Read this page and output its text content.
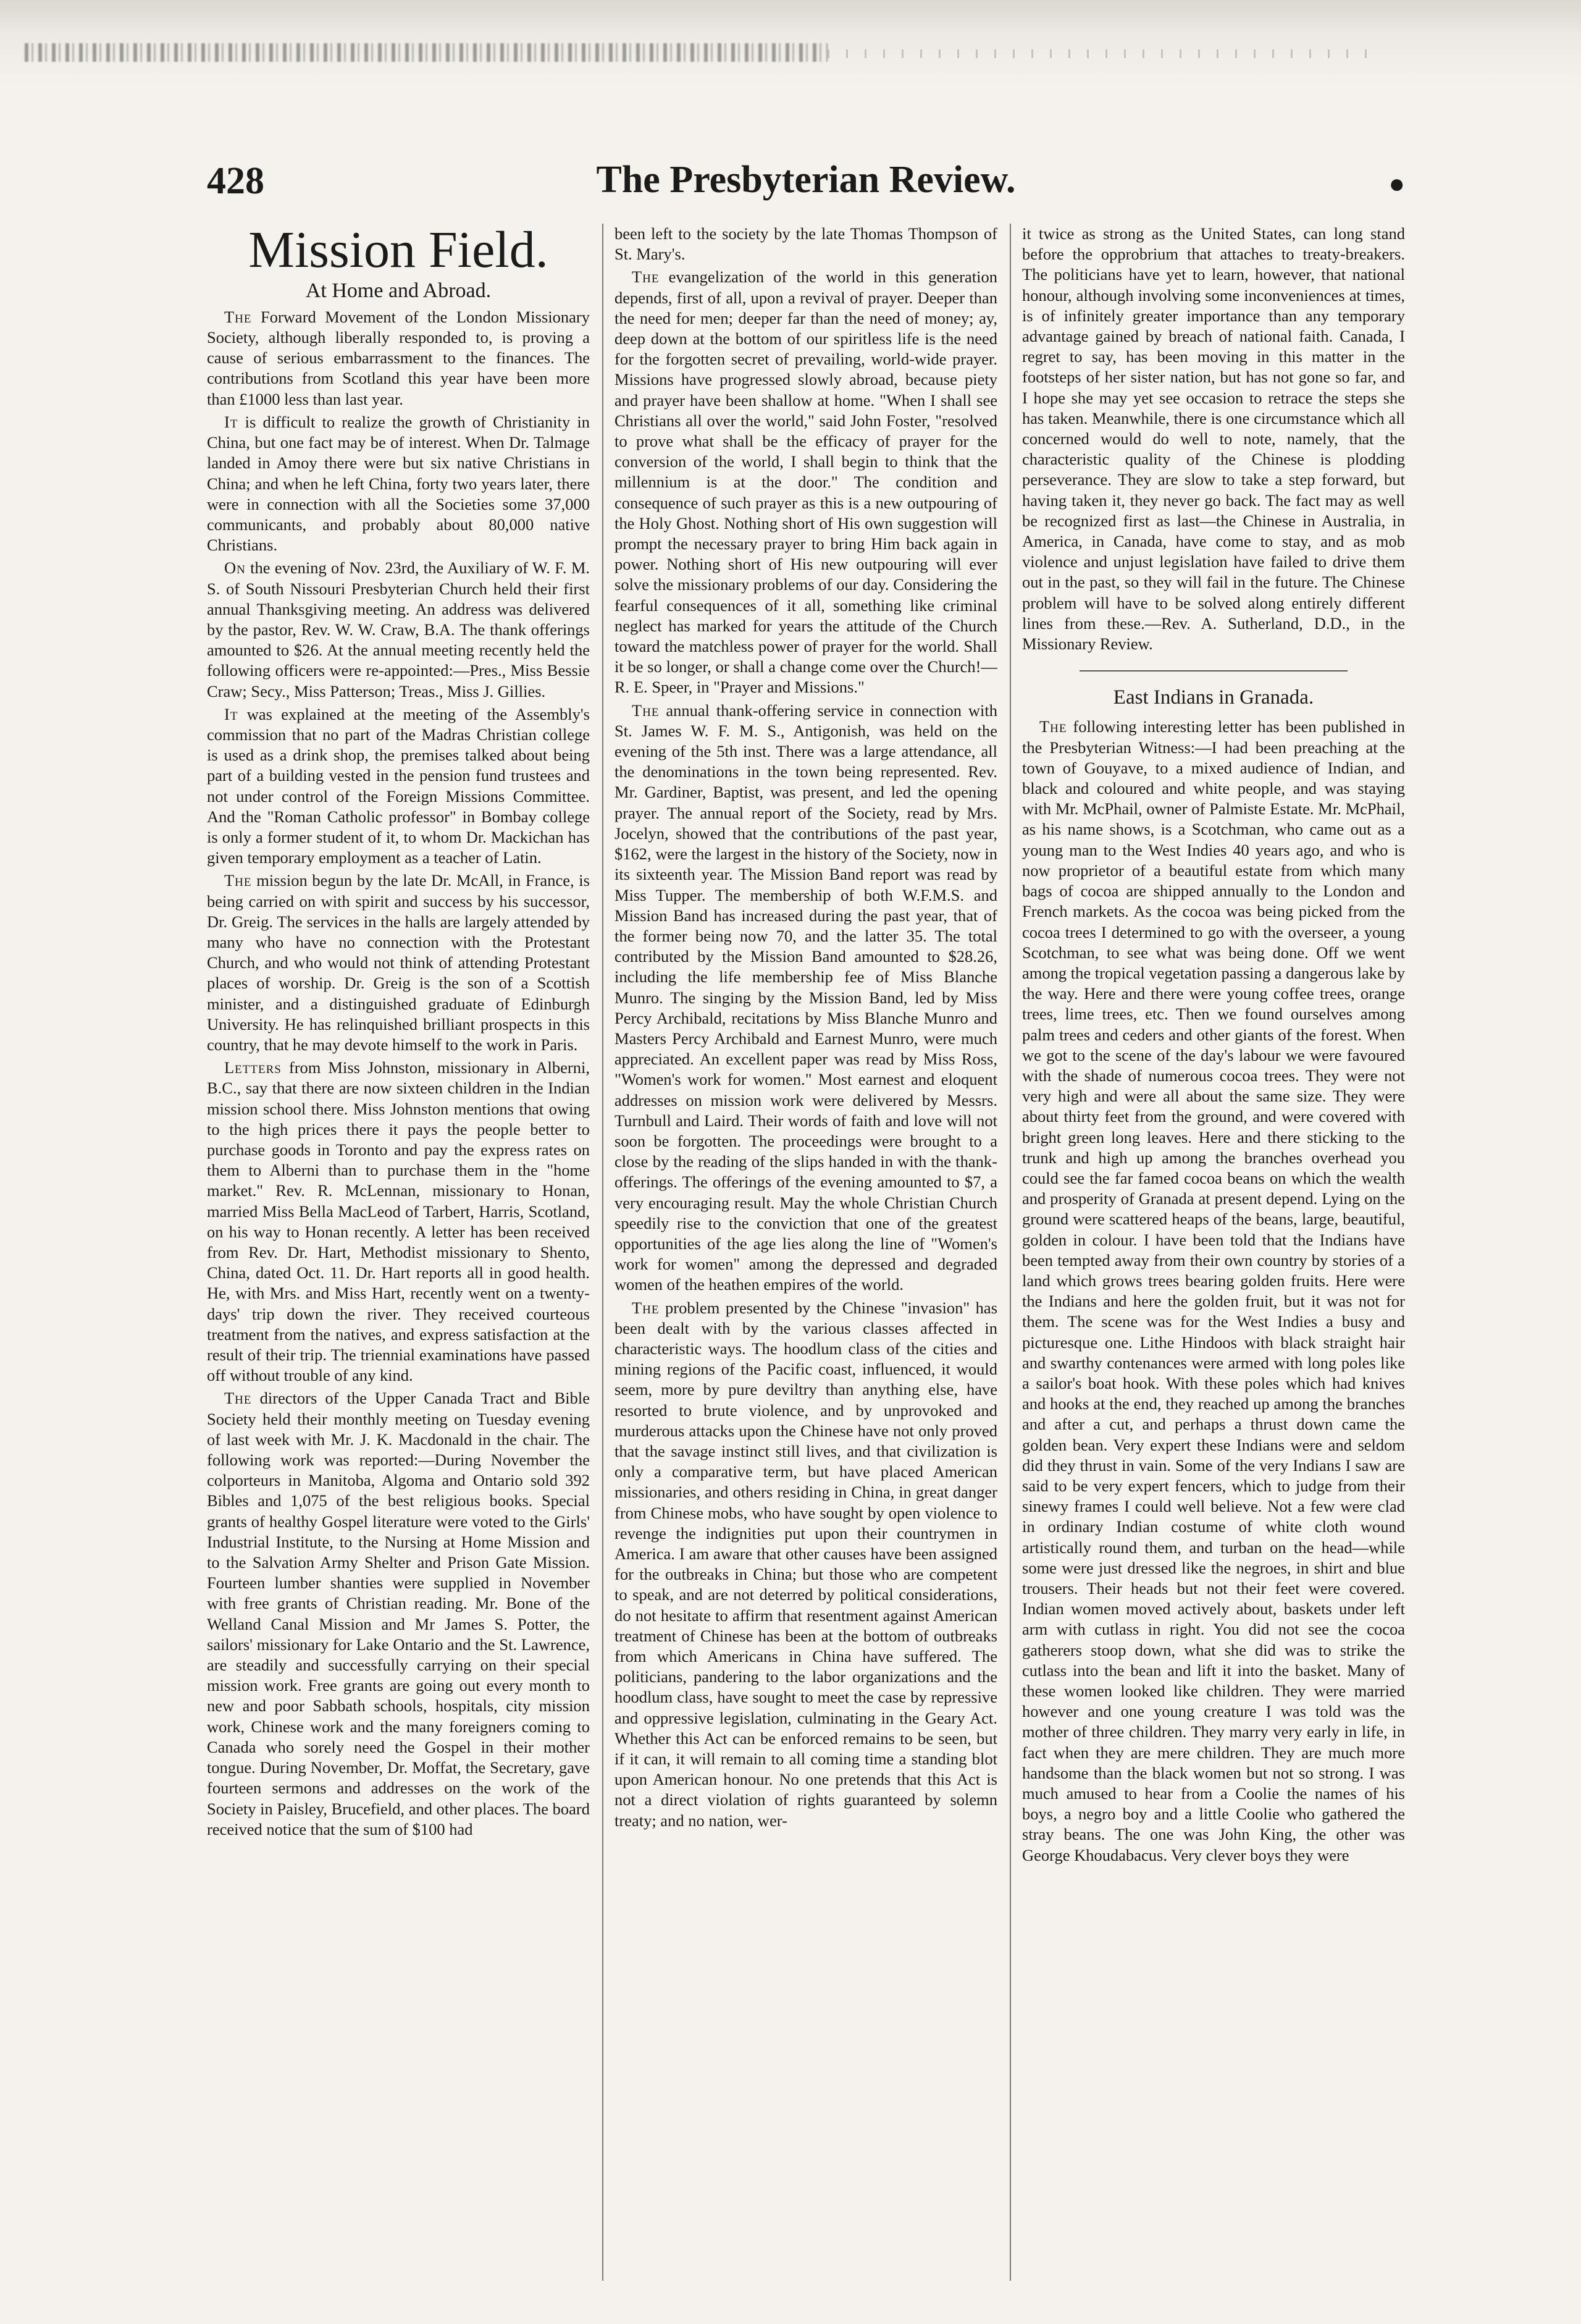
428	The Presbyterian Review.	●
Mission Field.
At Home and Abroad.

The Forward Movement of the London Missionary Society, although liberally responded to, is proving a cause of serious embarrassment to the finances. The contributions from Scotland this year have been more than £1000 less than last year.

It is difficult to realize the growth of Christianity in China, but one fact may be of interest. When Dr. Talmage landed in Amoy there were but six native Christians in China; and when he left China, forty two years later, there were in connection with all the Societies some 37,000 communicants, and probably about 80,000 native Christians.

On the evening of Nov. 23rd, the Auxiliary of W. F. M. S. of South Nissouri Presbyterian Church held their first annual Thanksgiving meeting. An address was delivered by the pastor, Rev. W. W. Craw, B.A. The thank offerings amounted to $26. At the annual meeting recently held the following officers were re-appointed:—Pres., Miss Bessie Craw; Secy., Miss Patterson; Treas., Miss J. Gillies.

It was explained at the meeting of the Assembly's commission that no part of the Madras Christian college is used as a drink shop, the premises talked about being part of a building vested in the pension fund trustees and not under control of the Foreign Missions Committee. And the "Roman Catholic professor" in Bombay college is only a former student of it, to whom Dr. Mackichan has given temporary employment as a teacher of Latin.

The mission begun by the late Dr. McAll, in France, is being carried on with spirit and success by his successor, Dr. Greig. The services in the halls are largely attended by many who have no connection with the Protestant Church, and who would not think of attending Protestant places of worship. Dr. Greig is the son of a Scottish minister, and a distinguished graduate of Edinburgh University. He has relinquished brilliant prospects in this country, that he may devote himself to the work in Paris.

Letters from Miss Johnston, missionary in Alberni, B.C., say that there are now sixteen children in the Indian mission school there. Miss Johnston mentions that owing to the high prices there it pays the people better to purchase goods in Toronto and pay the express rates on them to Alberni than to purchase them in the "home market." Rev. R. McLennan, missionary to Honan, married Miss Bella MacLeod of Tarbert, Harris, Scotland, on his way to Honan recently. A letter has been received from Rev. Dr. Hart, Methodist missionary to Shento, China, dated Oct. 11. Dr. Hart reports all in good health. He, with Mrs. and Miss Hart, recently went on a twenty-days' trip down the river. They received courteous treatment from the natives, and express satisfaction at the result of their trip. The triennial examinations have passed off without trouble of any kind.

The directors of the Upper Canada Tract and Bible Society held their monthly meeting on Tuesday evening of last week with Mr. J. K. Macdonald in the chair. The following work was reported:—During November the colporteurs in Manitoba, Algoma and Ontario sold 392 Bibles and 1,075 of the best religious books. Special grants of healthy Gospel literature were voted to the Girls' Industrial Institute, to the Nursing at Home Mission and to the Salvation Army Shelter and Prison Gate Mission. Fourteen lumber shanties were supplied in November with free grants of Christian reading. Mr. Bone of the Welland Canal Mission and Mr James S. Potter, the sailors' missionary for Lake Ontario and the St. Lawrence, are steadily and successfully carrying on their special mission work. Free grants are going out every month to new and poor Sabbath schools, hospitals, city mission work, Chinese work and the many foreigners coming to Canada who sorely need the Gospel in their mother tongue. During November, Dr. Moffat, the Secretary, gave fourteen sermons and addresses on the work of the Society in Paisley, Brucefield, and other places. The board received notice that the sum of $100 had

been left to the society by the late Thomas Thompson of St. Mary's.

The evangelization of the world in this generation depends, first of all, upon a revival of prayer. Deeper than the need for men; deeper far than the need of money; ay, deep down at the bottom of our spiritless life is the need for the forgotten secret of prevailing, world-wide prayer. Missions have progressed slowly abroad, because piety and prayer have been shallow at home. "When I shall see Christians all over the world," said John Foster, "resolved to prove what shall be the efficacy of prayer for the conversion of the world, I shall begin to think that the millennium is at the door." The condition and consequence of such prayer as this is a new outpouring of the Holy Ghost. Nothing short of His own suggestion will prompt the necessary prayer to bring Him back again in power. Nothing short of His new outpouring will ever solve the missionary problems of our day. Considering the fearful consequences of it all, something like criminal neglect has marked for years the attitude of the Church toward the matchless power of prayer for the world. Shall it be so longer, or shall a change come over the Church!—R. E. Speer, in "Prayer and Missions."

The annual thank-offering service in connection with St. James W. F. M. S., Antigonish, was held on the evening of the 5th inst. There was a large attendance, all the denominations in the town being represented. Rev. Mr. Gardiner, Baptist, was present, and led the opening prayer. The annual report of the Society, read by Mrs. Jocelyn, showed that the contributions of the past year, $162, were the largest in the history of the Society, now in its sixteenth year. The Mission Band report was read by Miss Tupper. The membership of both W.F.M.S. and Mission Band has increased during the past year, that of the former being now 70, and the latter 35. The total contributed by the Mission Band amounted to $28.26, including the life membership fee of Miss Blanche Munro. The singing by the Mission Band, led by Miss Percy Archibald, recitations by Miss Blanche Munro and Masters Percy Archibald and Earnest Munro, were much appreciated. An excellent paper was read by Miss Ross, "Women's work for women." Most earnest and eloquent addresses on mission work were delivered by Messrs. Turnbull and Laird. Their words of faith and love will not soon be forgotten. The proceedings were brought to a close by the reading of the slips handed in with the thank-offerings. The offerings of the evening amounted to $7, a very encouraging result. May the whole Christian Church speedily rise to the conviction that one of the greatest opportunities of the age lies along the line of "Women's work for women" among the depressed and degraded women of the heathen empires of the world.

The problem presented by the Chinese "invasion" has been dealt with by the various classes affected in characteristic ways. The hoodlum class of the cities and mining regions of the Pacific coast, influenced, it would seem, more by pure deviltry than anything else, have resorted to brute violence, and by unprovoked and murderous attacks upon the Chinese have not only proved that the savage instinct still lives, and that civilization is only a comparative term, but have placed American missionaries, and others residing in China, in great danger from Chinese mobs, who have sought by open violence to revenge the indignities put upon their countrymen in America. I am aware that other causes have been assigned for the outbreaks in China; but those who are competent to speak, and are not deterred by political considerations, do not hesitate to affirm that resentment against American treatment of Chinese has been at the bottom of outbreaks from which Americans in China have suffered. The politicians, pandering to the labor organizations and the hoodlum class, have sought to meet the case by repressive and oppressive legislation, culminating in the Geary Act. Whether this Act can be enforced remains to be seen, but if it can, it will remain to all coming time a standing blot upon American honour. No one pretends that this Act is not a direct violation of rights guaranteed by solemn treaty; and no nation, wer-

it twice as strong as the United States, can long stand before the opprobrium that attaches to treaty-breakers. The politicians have yet to learn, however, that national honour, although involving some inconveniences at times, is of infinitely greater importance than any temporary advantage gained by breach of national faith. Canada, I regret to say, has been moving in this matter in the footsteps of her sister nation, but has not gone so far, and I hope she may yet see occasion to retrace the steps she has taken. Meanwhile, there is one circumstance which all concerned would do well to note, namely, that the characteristic quality of the Chinese is plodding perseverance. They are slow to take a step forward, but having taken it, they never go back. The fact may as well be recognized first as last—the Chinese in Australia, in America, in Canada, have come to stay, and as mob violence and unjust legislation have failed to drive them out in the past, so they will fail in the future. The Chinese problem will have to be solved along entirely different lines from these.—Rev. A. Sutherland, D.D., in the Missionary Review.

East Indians in Granada.

The following interesting letter has been published in the Presbyterian Witness:—I had been preaching at the town of Gouyave, to a mixed audience of Indian, and black and coloured and white people, and was staying with Mr. McPhail, owner of Palmiste Estate. Mr. McPhail, as his name shows, is a Scotchman, who came out as a young man to the West Indies 40 years ago, and who is now proprietor of a beautiful estate from which many bags of cocoa are shipped annually to the London and French markets. As the cocoa was being picked from the cocoa trees I determined to go with the overseer, a young Scotchman, to see what was being done. Off we went among the tropical vegetation passing a dangerous lake by the way. Here and there were young coffee trees, orange trees, lime trees, etc. Then we found ourselves among palm trees and ceders and other giants of the forest. When we got to the scene of the day's labour we were favoured with the shade of numerous cocoa trees. They were not very high and were all about the same size. They were about thirty feet from the ground, and were covered with bright green long leaves. Here and there sticking to the trunk and high up among the branches overhead you could see the far famed cocoa beans on which the wealth and prosperity of Granada at present depend. Lying on the ground were scattered heaps of the beans, large, beautiful, golden in colour. I have been told that the Indians have been tempted away from their own country by stories of a land which grows trees bearing golden fruits. Here were the Indians and here the golden fruit, but it was not for them. The scene was for the West Indies a busy and picturesque one. Lithe Hindoos with black straight hair and swarthy contenances were armed with long poles like a sailor's boat hook. With these poles which had knives and hooks at the end, they reached up among the branches and after a cut, and perhaps a thrust down came the golden bean. Very expert these Indians were and seldom did they thrust in vain. Some of the very Indians I saw are said to be very expert fencers, which to judge from their sinewy frames I could well believe. Not a few were clad in ordinary Indian costume of white cloth wound artistically round them, and turban on the head—while some were just dressed like the negroes, in shirt and blue trousers. Their heads but not their feet were covered. Indian women moved actively about, baskets under left arm with cutlass in right. You did not see the cocoa gatherers stoop down, what she did was to strike the cutlass into the bean and lift it into the basket. Many of these women looked like children. They were married however and one young creature I was told was the mother of three children. They marry very early in life, in fact when they are mere children. They are much more handsome than the black women but not so strong. I was much amused to hear from a Coolie the names of his boys, a negro boy and a little Coolie who gathered the stray beans. The one was John King, the other was George Khoudabacus. Very clever boys they were
